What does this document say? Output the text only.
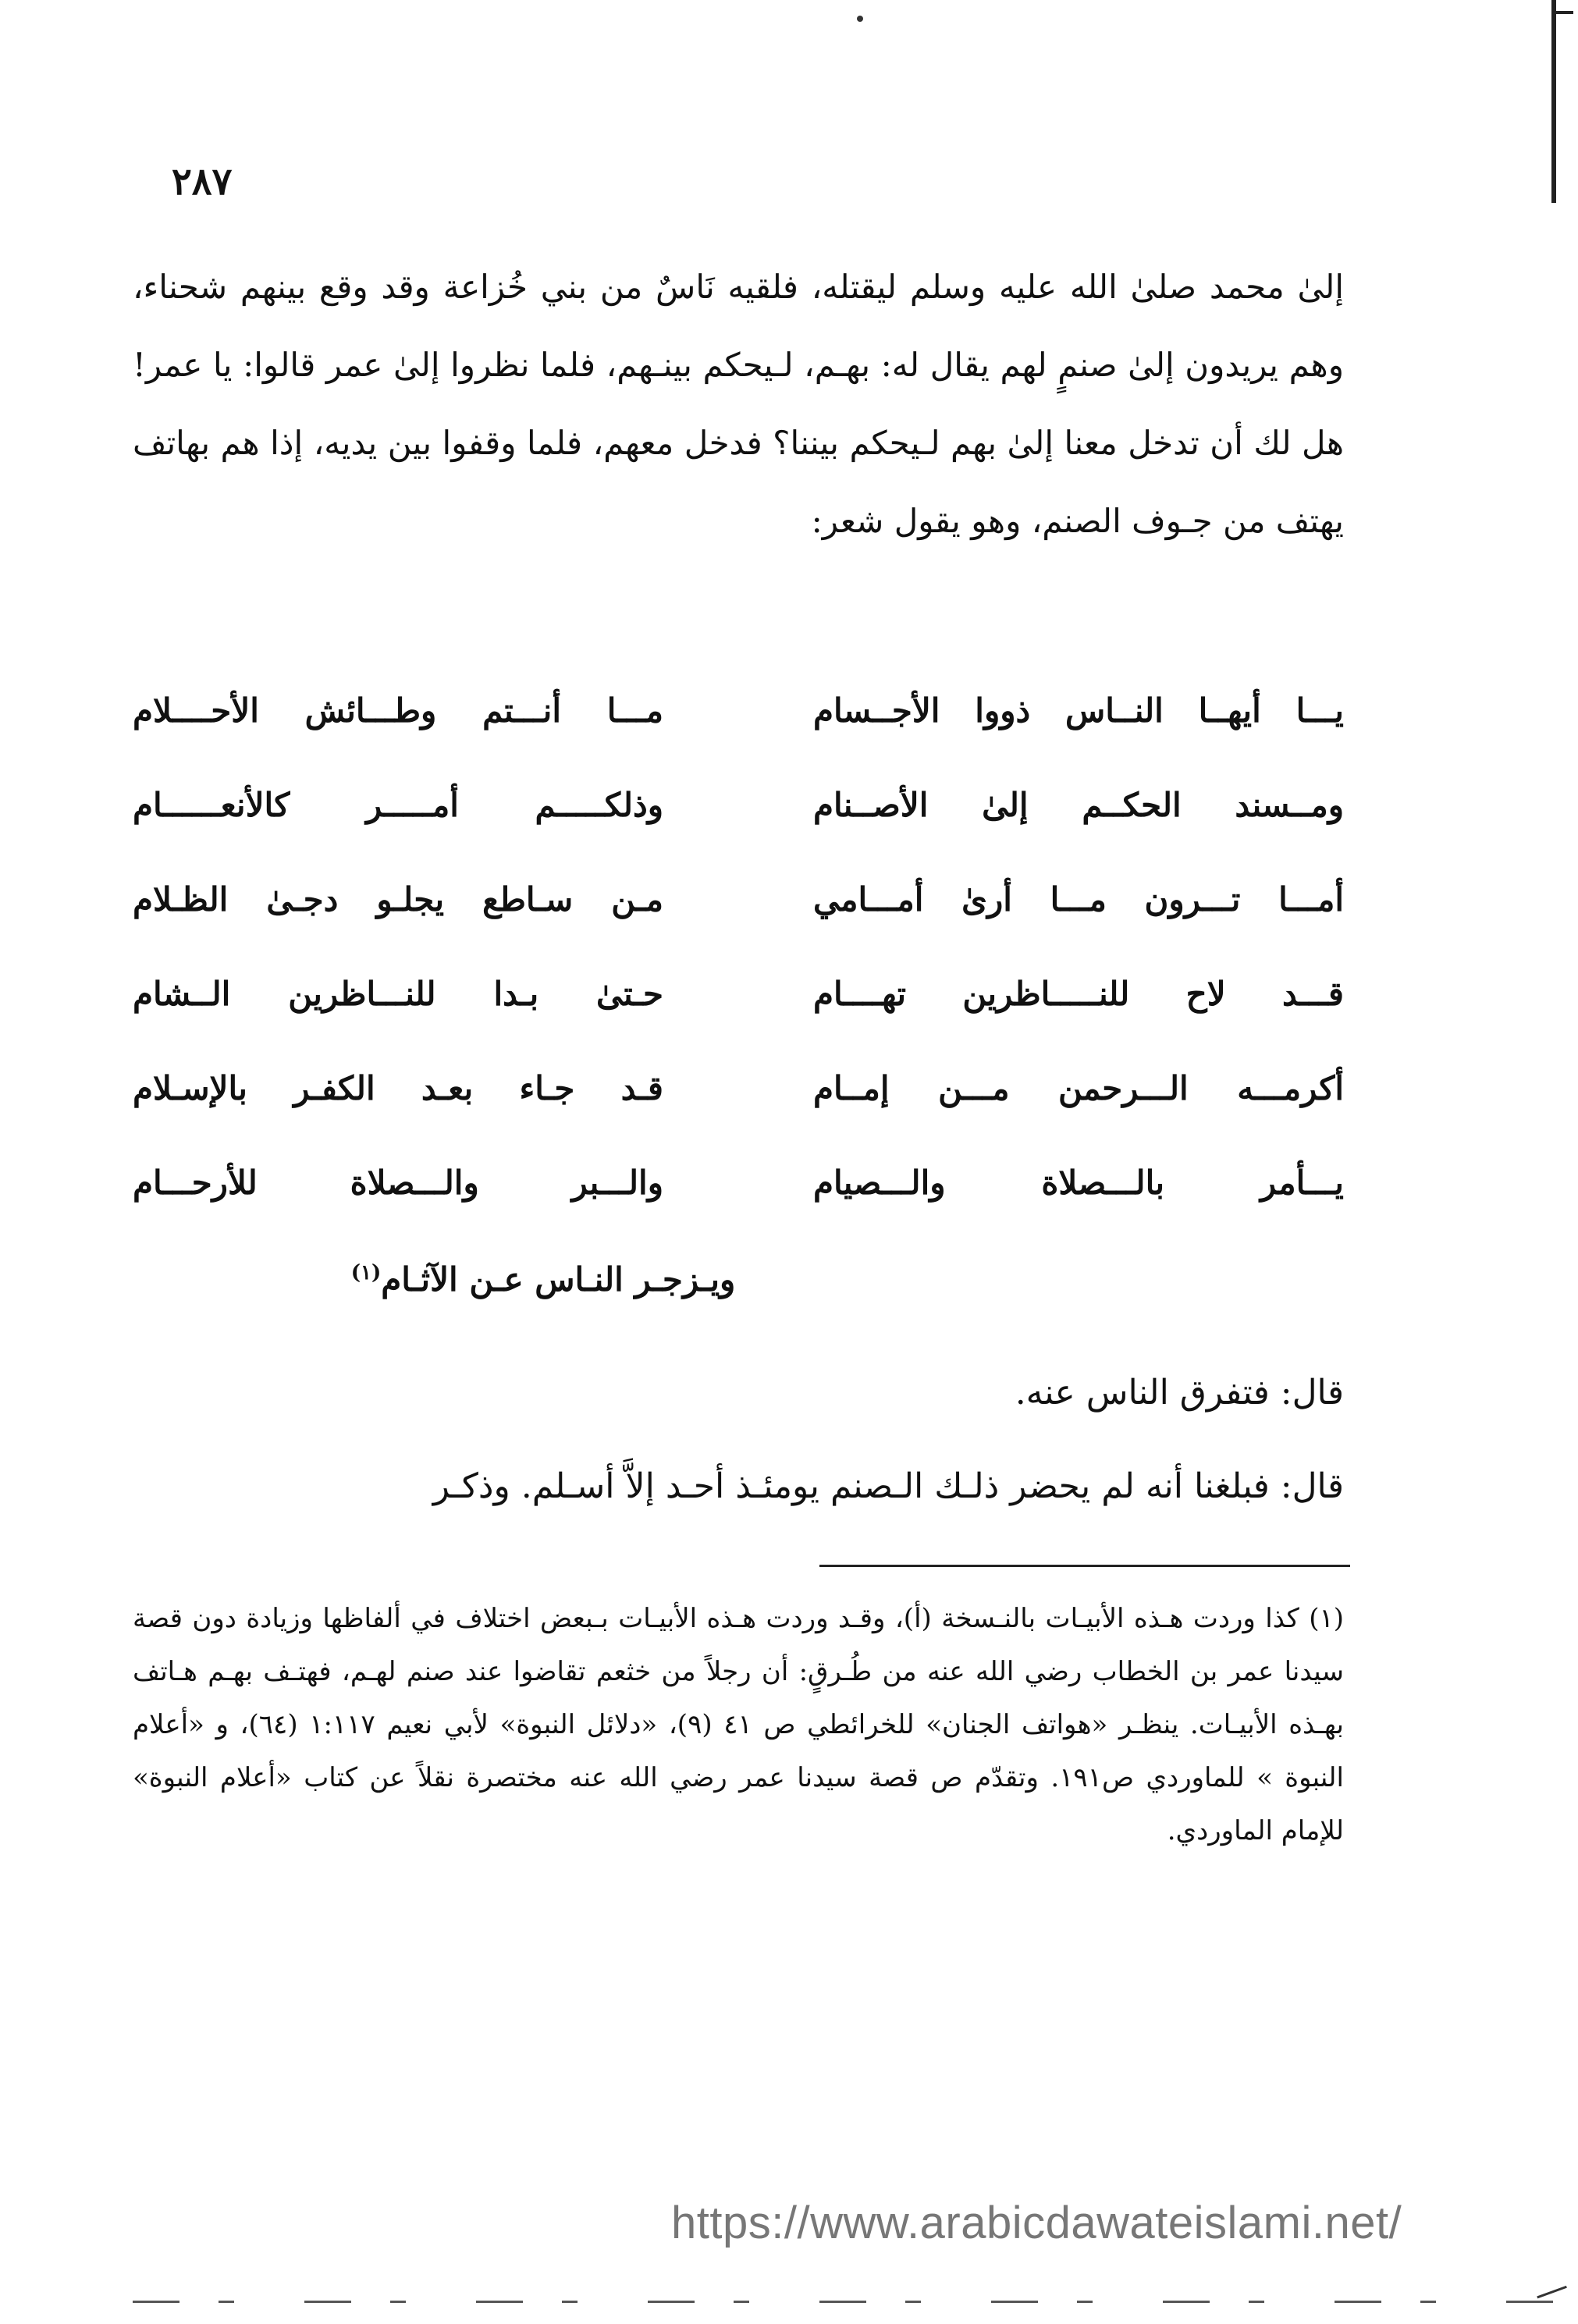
٢٨٧

إلىٰ محمد صلىٰ الله عليه وسلم ليقتله، فلقيه نَاسٌ من بني خُزاعة وقد وقع بينهم شحناء، وهم يريدون إلىٰ صنمٍ لهم يقال له: بهـم، لـيحكم بينـهم، فلما نظروا إلىٰ عمر قالوا: يا عمر! هل لك أن تدخل معنا إلىٰ بهم لـيحكم بيننا؟ فدخل معهم، فلما وقفوا بين يديه، إذا هم بهاتف يهتف من جـوف الصنم، وهو يقول شعر:

يـــا أيهــا النــاس ذووا الأجــسام
مـــا أنـــتم وطـــائش الأحــــلام
ومــسند الحكــم إلىٰ الأصــنام
وذلكـــــم أمـــــر كالأنعــــــام
أمـــا تـــرون مـــا أرىٰ أمـــامي
مـن سـاطع يجلـو دجـىٰ الظـلام
قـــد لاح للنـــــاظرين تهــــام
حـتىٰ بـدا للنـــاظرين الــشام
أكرمـــه الـــرحمن مـــن إمــام
قـد جـاء بعـد الكفـر بالإسـلام
يـــأمر بالـــصلاة والـــصيام
والـــبر والـــصلاة للأرحـــام
ويـزجـر النـاس عـن الآثـام$^{(١)}$
قال: فتفرق الناس عنه.
قال: فبلغنا أنه لم يحضر ذلـك الـصنم يومئـذ أحـد إلاَّ أسـلم. وذكـر

(١) كذا وردت هـذه الأبيـات بالنـسخة (أ)، وقـد وردت هـذه الأبيـات بـبعض اختلاف في ألفاظها وزيادة دون قصة سيدنا عمر بن الخطاب رضي الله عنه من طُـرقٍ: أن رجلاً من خثعم تقاضوا عند صنم لهـم، فهتـف بهـم هـاتف بهـذه الأبيـات. ينظـر «هواتف الجنان» للخرائطي ص ٤١ (٩)، «دلائل النبوة» لأبي نعيم ١:١١٧ (٦٤)، و «أعلام النبوة » للماوردي ص١٩١. وتقدّم ص قصة سيدنا عمر رضي الله عنه مختصرة نقلاً عن كتاب «أعلام النبوة» للإمام الماوردي.

https://www.arabicdawateislami.net/
